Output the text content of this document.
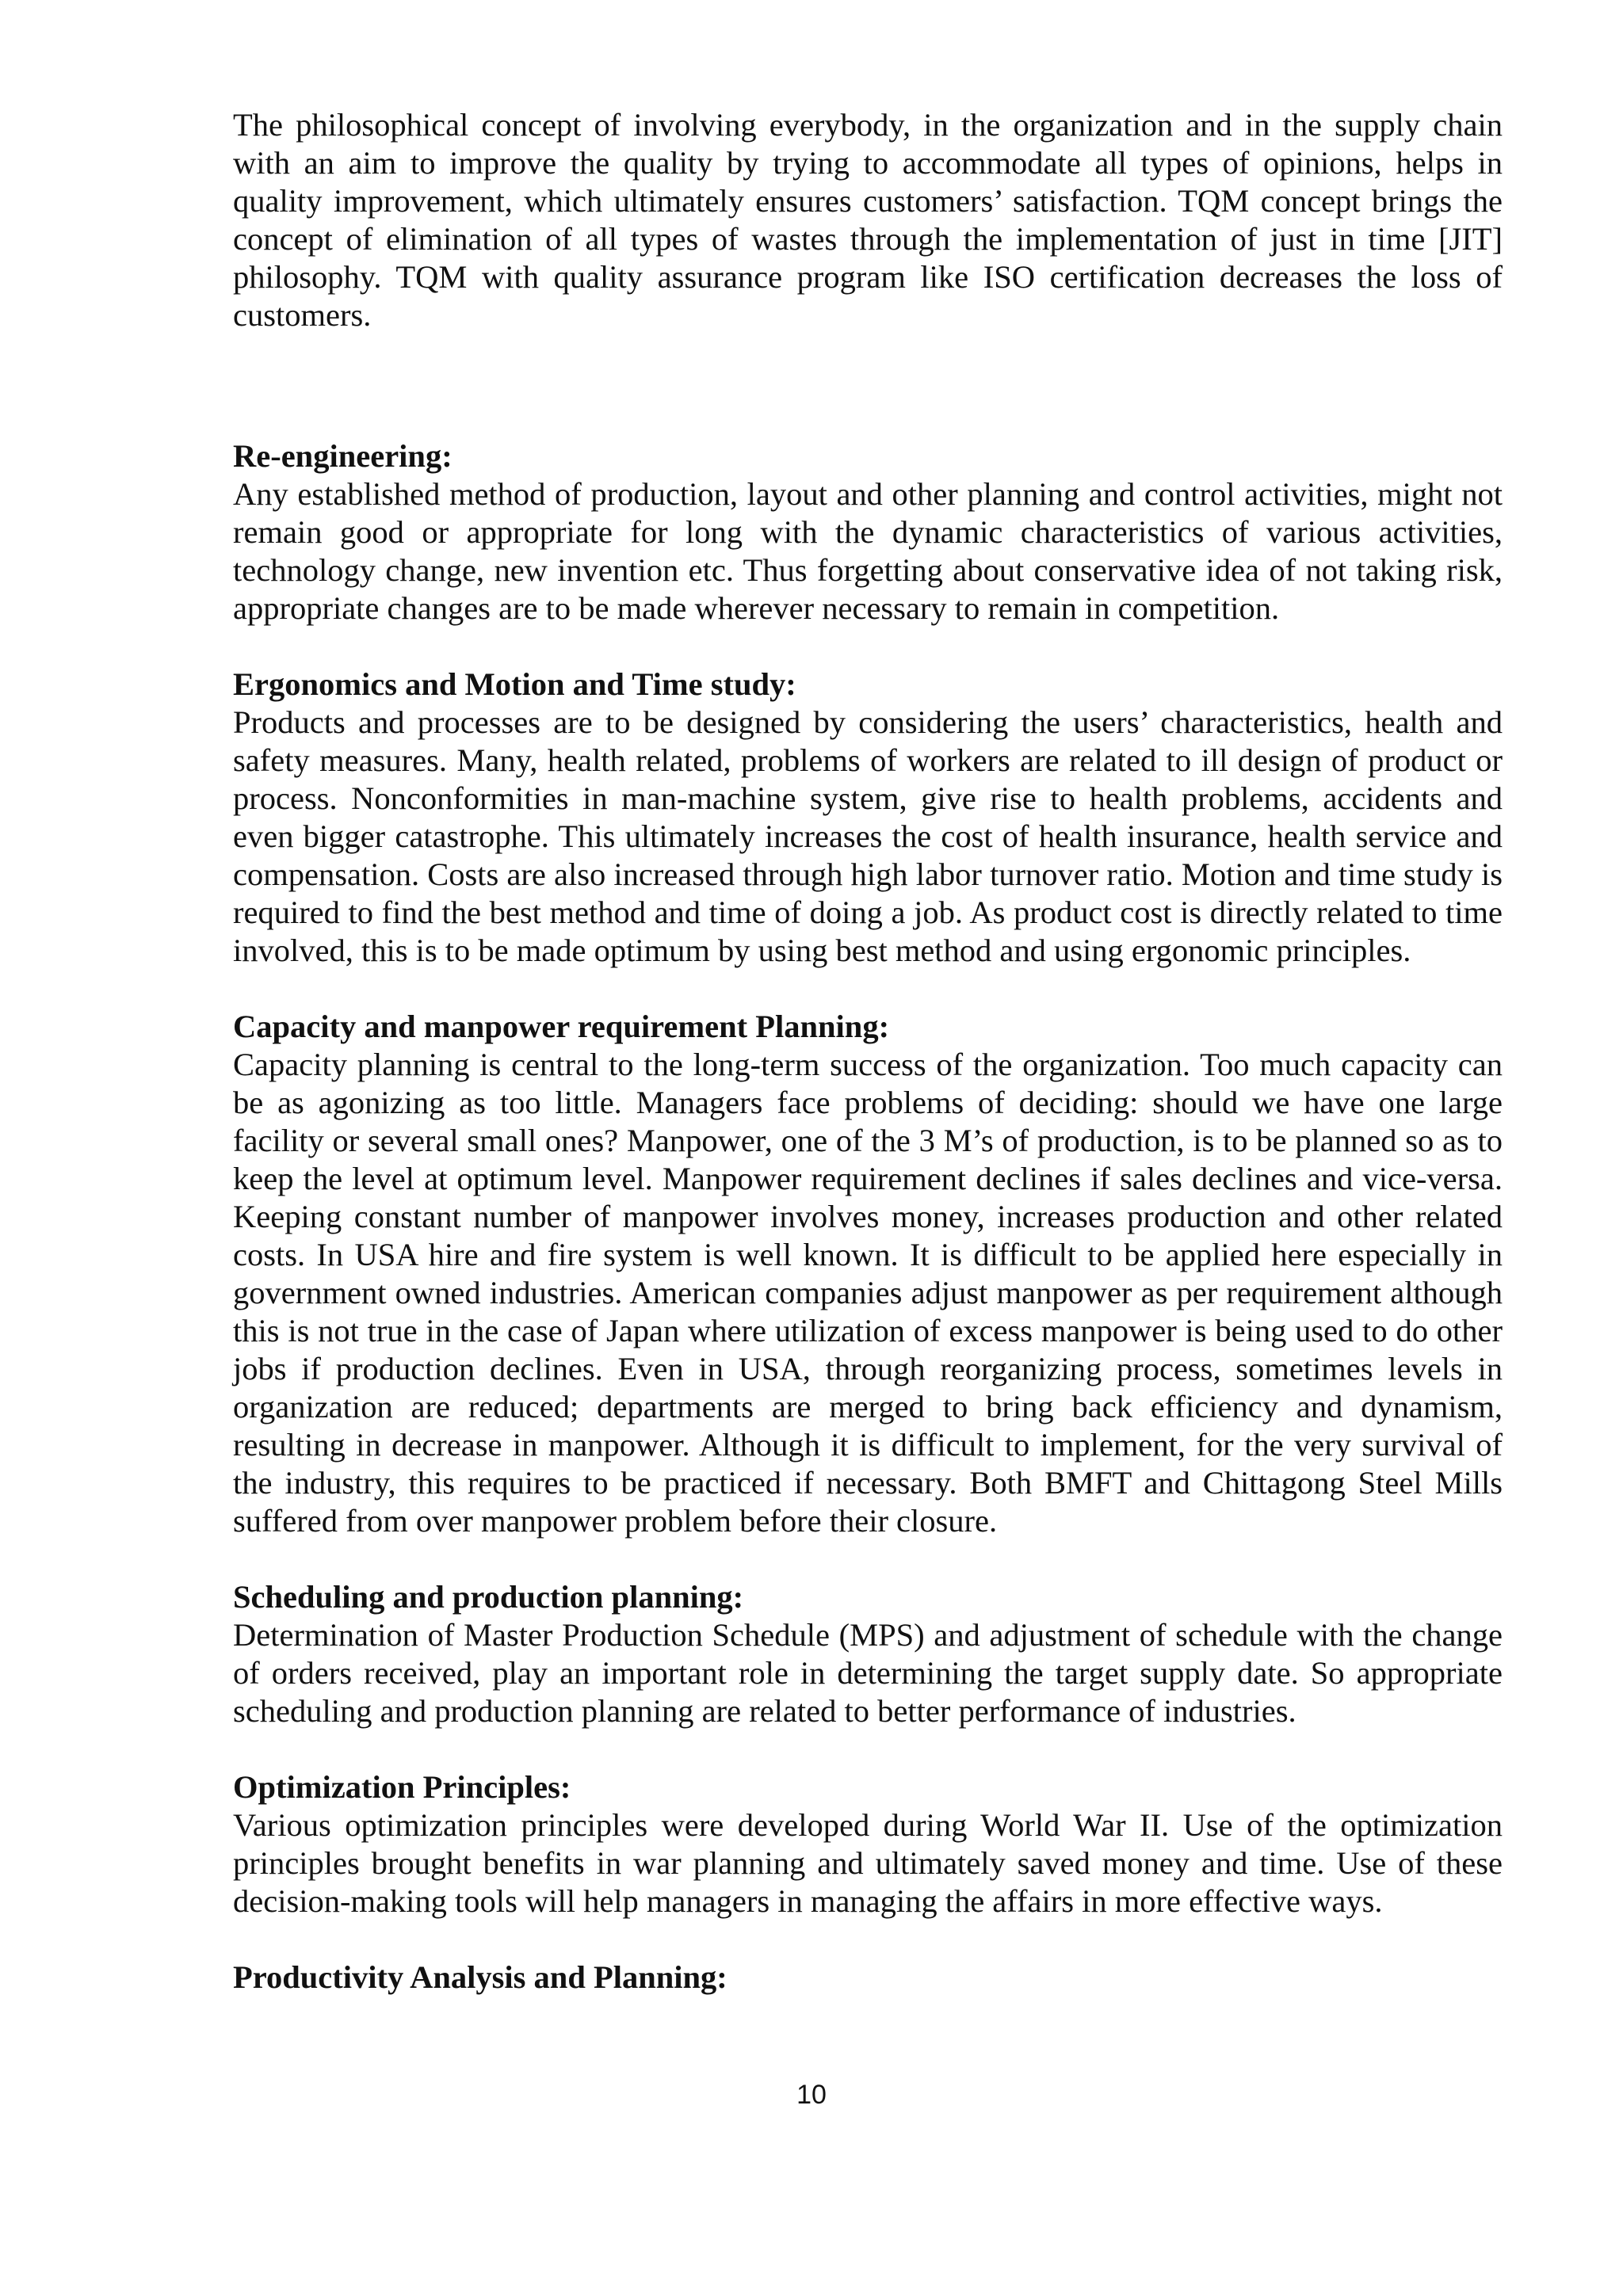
The philosophical concept of involving everybody, in the organization and in the supply chain with an aim to improve the quality by trying to accommodate all types of opinions, helps in quality improvement, which ultimately ensures customers’ satisfaction. TQM concept brings the concept of elimination of all types of wastes through the implementation of just in time [JIT] philosophy. TQM with quality assurance program like ISO certification decreases the loss of customers.

Re-engineering:

Any established method of production, layout and other planning and control activities, might not remain good or appropriate for long with the dynamic characteristics of various activities, technology change, new invention etc. Thus forgetting about conservative idea of not taking risk, appropriate changes are to be made wherever necessary to remain in competition.

Ergonomics and Motion and Time study:

Products and processes are to be designed by considering the users’ characteristics, health and safety measures. Many, health related, problems of workers are related to ill design of product or process. Nonconformities in man-machine system, give rise to health problems, accidents and even bigger catastrophe. This ultimately increases the cost of health insurance, health service and compensation. Costs are also increased through high labor turnover ratio. Motion and time study is required to find the best method and time of doing a job. As product cost is directly related to time involved, this is to be made optimum by using best method and using ergonomic principles.

Capacity and manpower requirement Planning:

Capacity planning is central to the long-term success of the organization. Too much capacity can be as agonizing as too little. Managers face problems of deciding: should we have one large facility or several small ones? Manpower, one of the 3 M’s of production, is to be planned so as to keep the level at optimum level. Manpower requirement declines if sales declines and vice-versa. Keeping constant number of manpower involves money, increases production and other related costs. In USA hire and fire system is well known. It is difficult to be applied here especially in government owned industries. American companies adjust manpower as per requirement although this is not true in the case of Japan where utilization of excess manpower is being used to do other jobs if production declines. Even in USA, through reorganizing process, sometimes levels in organization are reduced; departments are merged to bring back efficiency and dynamism, resulting in decrease in manpower. Although it is difficult to implement, for the very survival of the industry, this requires to be practiced if necessary. Both BMFT and Chittagong Steel Mills suffered from over manpower problem before their closure.

Scheduling and production planning:

Determination of Master Production Schedule (MPS) and adjustment of schedule with the change of orders received, play an important role in determining the target supply date. So appropriate scheduling and production planning are related to better performance of industries.

Optimization Principles:

Various optimization principles were developed during World War II. Use of the optimization principles brought benefits in war planning and ultimately saved money and time. Use of these decision-making tools will help managers in managing the affairs in more effective ways.

Productivity Analysis and Planning:

10
